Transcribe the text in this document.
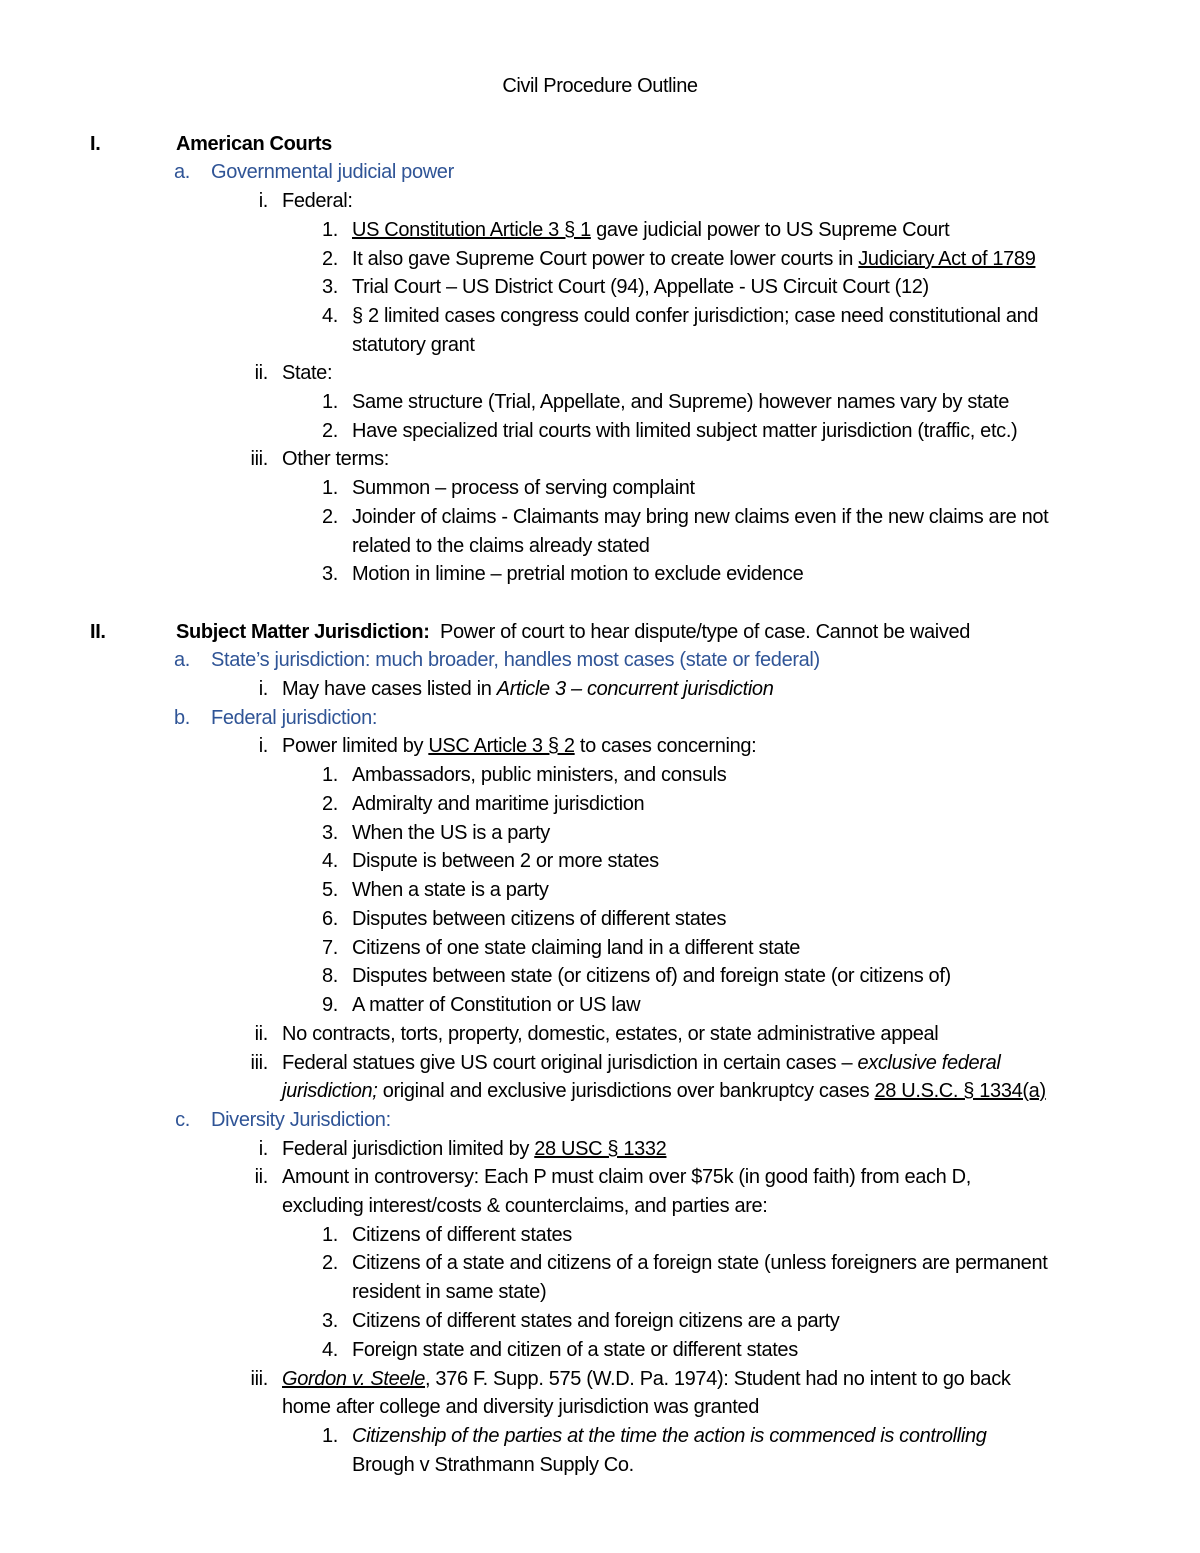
Civil Procedure Outline
I.	American Courts
a. Governmental judicial power
i. Federal:
1. US Constitution Article 3 § 1 gave judicial power to US Supreme Court
2. It also gave Supreme Court power to create lower courts in Judiciary Act of 1789
3. Trial Court – US District Court (94), Appellate - US Circuit Court (12)
4. § 2 limited cases congress could confer jurisdiction; case need constitutional and
statutory grant
ii. State:
1. Same structure (Trial, Appellate, and Supreme) however names vary by state
2. Have specialized trial courts with limited subject matter jurisdiction (traffic, etc.)
iii. Other terms:
1. Summon – process of serving complaint
2. Joinder of claims - Claimants may bring new claims even if the new claims are not
related to the claims already stated
3. Motion in limine – pretrial motion to exclude evidence
II.	Subject Matter Jurisdiction:  Power of court to hear dispute/type of case. Cannot be waived
a. State’s jurisdiction: much broader, handles most cases (state or federal)
i. May have cases listed in Article 3 – concurrent jurisdiction
b. Federal jurisdiction:
i. Power limited by USC Article 3 § 2 to cases concerning:
1. Ambassadors, public ministers, and consuls
2. Admiralty and maritime jurisdiction
3. When the US is a party
4. Dispute is between 2 or more states
5. When a state is a party
6. Disputes between citizens of different states
7. Citizens of one state claiming land in a different state
8. Disputes between state (or citizens of) and foreign state (or citizens of)
9. A matter of Constitution or US law
ii. No contracts, torts, property, domestic, estates, or state administrative appeal
iii. Federal statues give US court original jurisdiction in certain cases – exclusive federal
jurisdiction; original and exclusive jurisdictions over bankruptcy cases 28 U.S.C. § 1334(a)
c. Diversity Jurisdiction:
i. Federal jurisdiction limited by 28 USC § 1332
ii. Amount in controversy: Each P must claim over $75k (in good faith) from each D,
excluding interest/costs & counterclaims, and parties are:
1. Citizens of different states
2. Citizens of a state and citizens of a foreign state (unless foreigners are permanent
resident in same state)
3. Citizens of different states and foreign citizens are a party
4. Foreign state and citizen of a state or different states
iii. Gordon v. Steele, 376 F. Supp. 575 (W.D. Pa. 1974): Student had no intent to go back
home after college and diversity jurisdiction was granted
1. Citizenship of the parties at the time the action is commenced is controlling
Brough v Strathmann Supply Co.
